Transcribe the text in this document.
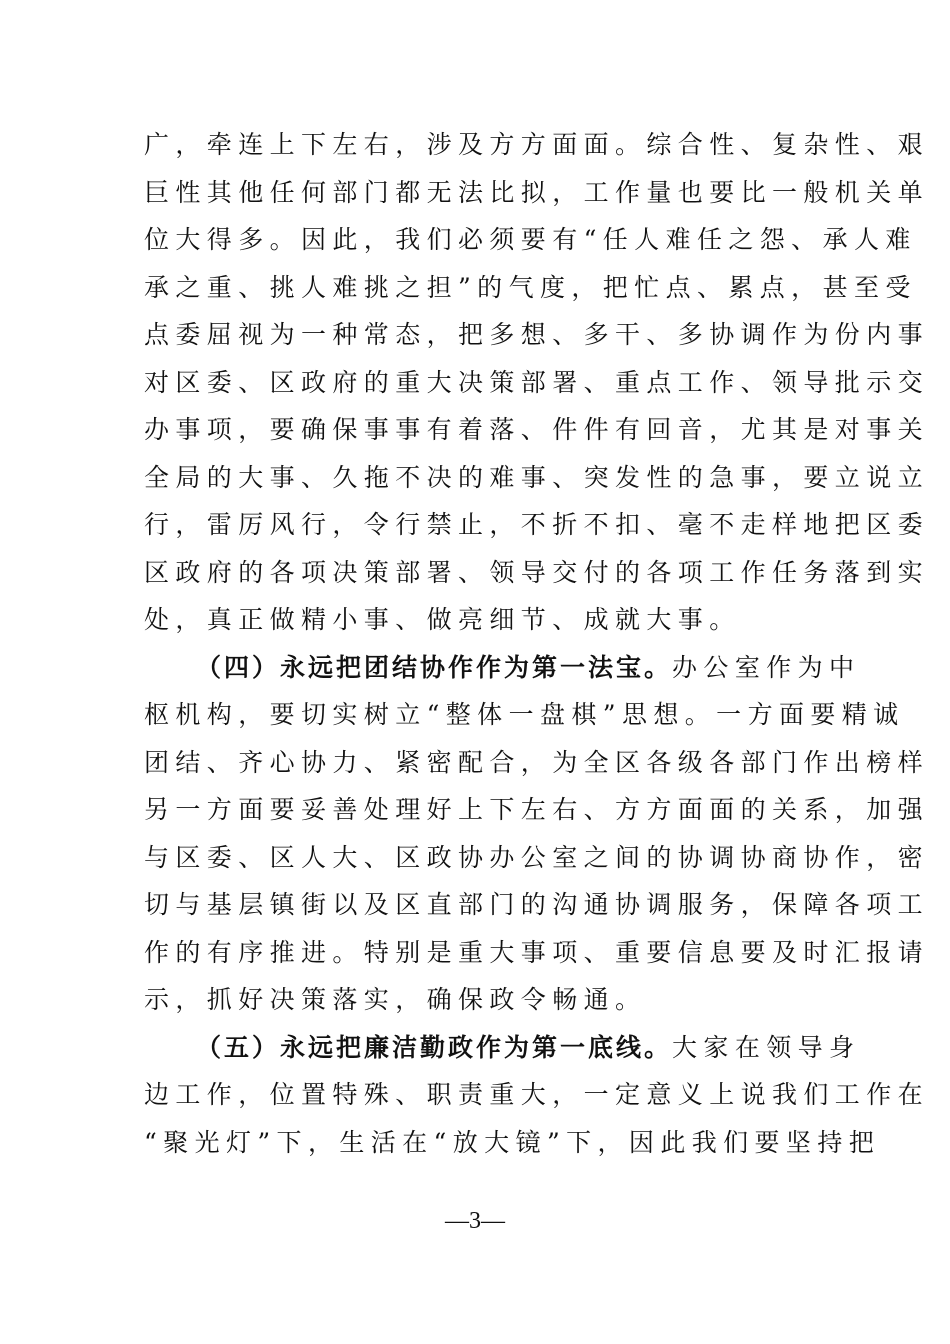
广，牵连上下左右，涉及方方面面。综合性、复杂性、艰
巨性其他任何部门都无法比拟，工作量也要比一般机关单
位大得多。因此，我们必须要有“任人难任之怨、承人难
承之重、挑人难挑之担”的气度，把忙点、累点，甚至受
点委屈视为一种常态，把多想、多干、多协调作为份内事
对区委、区政府的重大决策部署、重点工作、领导批示交
办事项，要确保事事有着落、件件有回音，尤其是对事关
全局的大事、久拖不决的难事、突发性的急事，要立说立
行，雷厉风行，令行禁止，不折不扣、毫不走样地把区委
区政府的各项决策部署、领导交付的各项工作任务落到实
处，真正做精小事、做亮细节、成就大事。
（四）永远把团结协作作为第一法宝。办公室作为中
枢机构，要切实树立“整体一盘棋”思想。一方面要精诚
团结、齐心协力、紧密配合，为全区各级各部门作出榜样
另一方面要妥善处理好上下左右、方方面面的关系，加强
与区委、区人大、区政协办公室之间的协调协商协作，密
切与基层镇街以及区直部门的沟通协调服务，保障各项工
作的有序推进。特别是重大事项、重要信息要及时汇报请
示，抓好决策落实，确保政令畅通。
（五）永远把廉洁勤政作为第一底线。大家在领导身
边工作，位置特殊、职责重大，一定意义上说我们工作在
“聚光灯”下，生活在“放大镜”下，因此我们要坚持把
—3—
